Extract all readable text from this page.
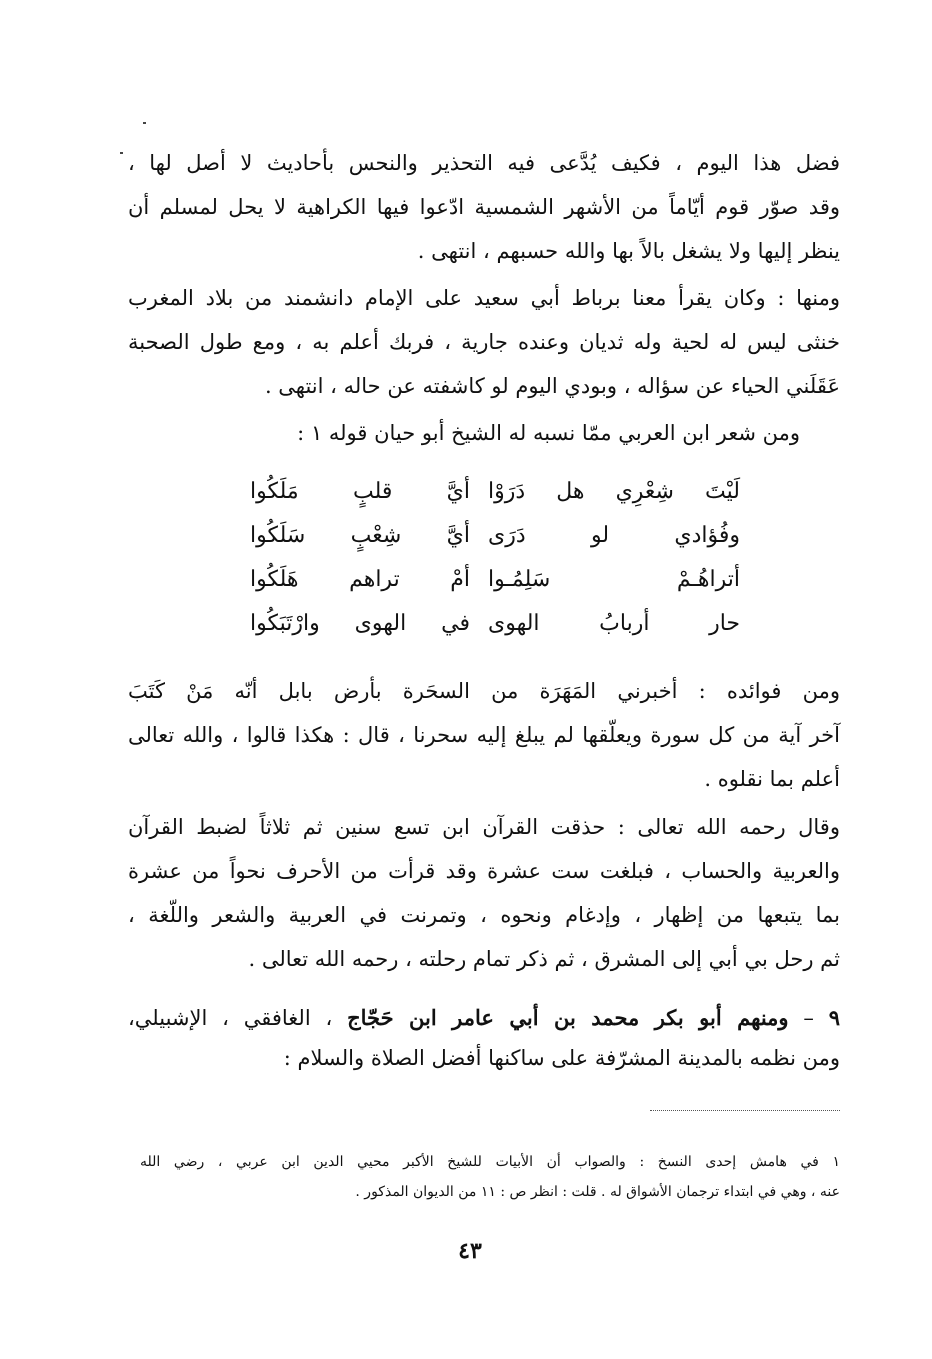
فضل هذا اليوم ، فكيف يُدَّعى فيه التحذير والنحس بأحاديث لا أصل لها ،
وقد صوّر قوم أيّاماً من الأشهر الشمسية ادّعوا فيها الكراهية لا يحل لمسلم أن
ينظر إليها ولا يشغل بالاً بها والله حسبهم ، انتهى .
ومنها : وكان يقرأ معنا برباط أبي سعيد على الإمام دانشمند من بلاد المغرب
خنثى ليس له لحية وله ثديان وعنده جارية ، فربك أعلم به ، ومع طول الصحبة
عَقَلَني الحياء عن سؤاله ، وبودي اليوم لو كاشفته عن حاله ، انتهى .
ومن شعر ابن العربي ممّا نسبه له الشيخ أبو حيان قوله ١ :
لَيْتَ شِعْرِي هل دَرَوْا
أيَّ قلبٍ مَلَكُوا
وفُؤادي لو دَرَى
أيَّ شِعْبٍ سَلَكُوا
أتراهُـمْ سَلِمُـوا
أمْ تراهم هَلَكُوا
حار أربابُ الهوى
في الهوى وارْتَبَكُوا
ومن فوائده : أخبرني المَهَرَة من السحَرة بأرض بابل أنّه مَنْ كَتَبَ
آخر آية من كل سورة ويعلّقها لم يبلغ إليه سحرنا ، قال : هكذا قالوا ، والله تعالى
أعلم بما نقلوه .
وقال رحمه الله تعالى : حذقت القرآن ابن تسع سنين ثم ثلاثاً لضبط القرآن
والعربية والحساب ، فبلغت ست عشرة وقد قرأت من الأحرف نحواً من عشرة
بما يتبعها من إظهار ، وإدغام ونحوه ، وتمرنت في العربية والشعر واللّغة ،
ثم رحل بي أبي إلى المشرق ، ثم ذكر تمام رحلته ، رحمه الله تعالى .
٩ – ومنهم أبو بكر محمد بن أبي عامر ابن حَجّاج ، الغافقي ، الإشبيلي،
ومن نظمه بالمدينة المشرّفة على ساكنها أفضل الصلاة والسلام :
١ في هامش إحدى النسخ : والصواب أن الأبيات للشيخ الأكبر محيي الدين ابن عربي ، رضي الله
عنه ، وهي في ابتداء ترجمان الأشواق له . قلت : انظر ص : ١١ من الديوان المذكور .
٤٣
